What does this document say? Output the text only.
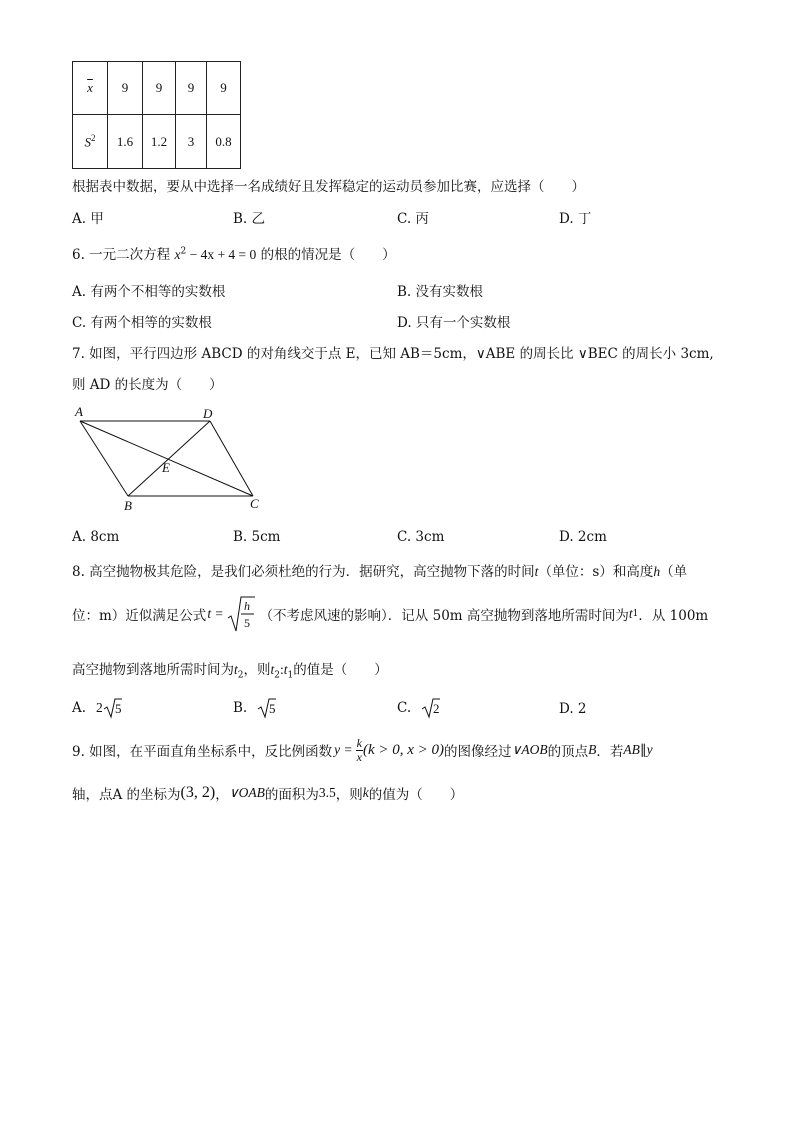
$\overline{x}$	9	9	9	9
$S^2$	1.6	1.2	3	0.8
根据表中数据，要从中选择一名成绩好且发挥稳定的运动员参加比赛，应选择（　　）
A. 甲	B. 乙	C. 丙	D. 丁
6. 一元二次方程 $x^2 - 4x + 4 = 0$ 的根的情况是（　　）
A. 有两个不相等的实数根	B. 没有实数根
C. 有两个相等的实数根	D. 只有一个实数根
7. 如图，平行四边形 ABCD 的对角线交于点 E，已知 AB＝5cm，∨ABE 的周长比 ∨BEC 的周长小 3cm,
则 AD 的长度为（　　）
A	D
E
B	C
A. 8cm	B. 5cm	C. 3cm	D. 2cm
8. 高空抛物极其危险，是我们必须杜绝的行为．据研究，高空抛物下落的时间t（单位：s）和高度h（单
位：m）近似满足公式 t = h
5 （不考虑风速的影响）．记从 50m 高空抛物到落地所需时间为 t 1 ．从 100m
高空抛物到落地所需时间为$t_2$，则$t_2:t_1$的值是（　　）
A. 2 5	B. 5	C. 2	D. 2
9. 如图，在平面直角坐标系中，反比例函数 $y = \frac{k}{x} (k > 0$, x > 0) 的图像经过 ∨AOB 的顶点 B ．若 AB ∥ y
轴，点A 的坐标为 (3, 2) ， ∨OAB 的面积为 3.5 ，则 k 的值为（　　）
